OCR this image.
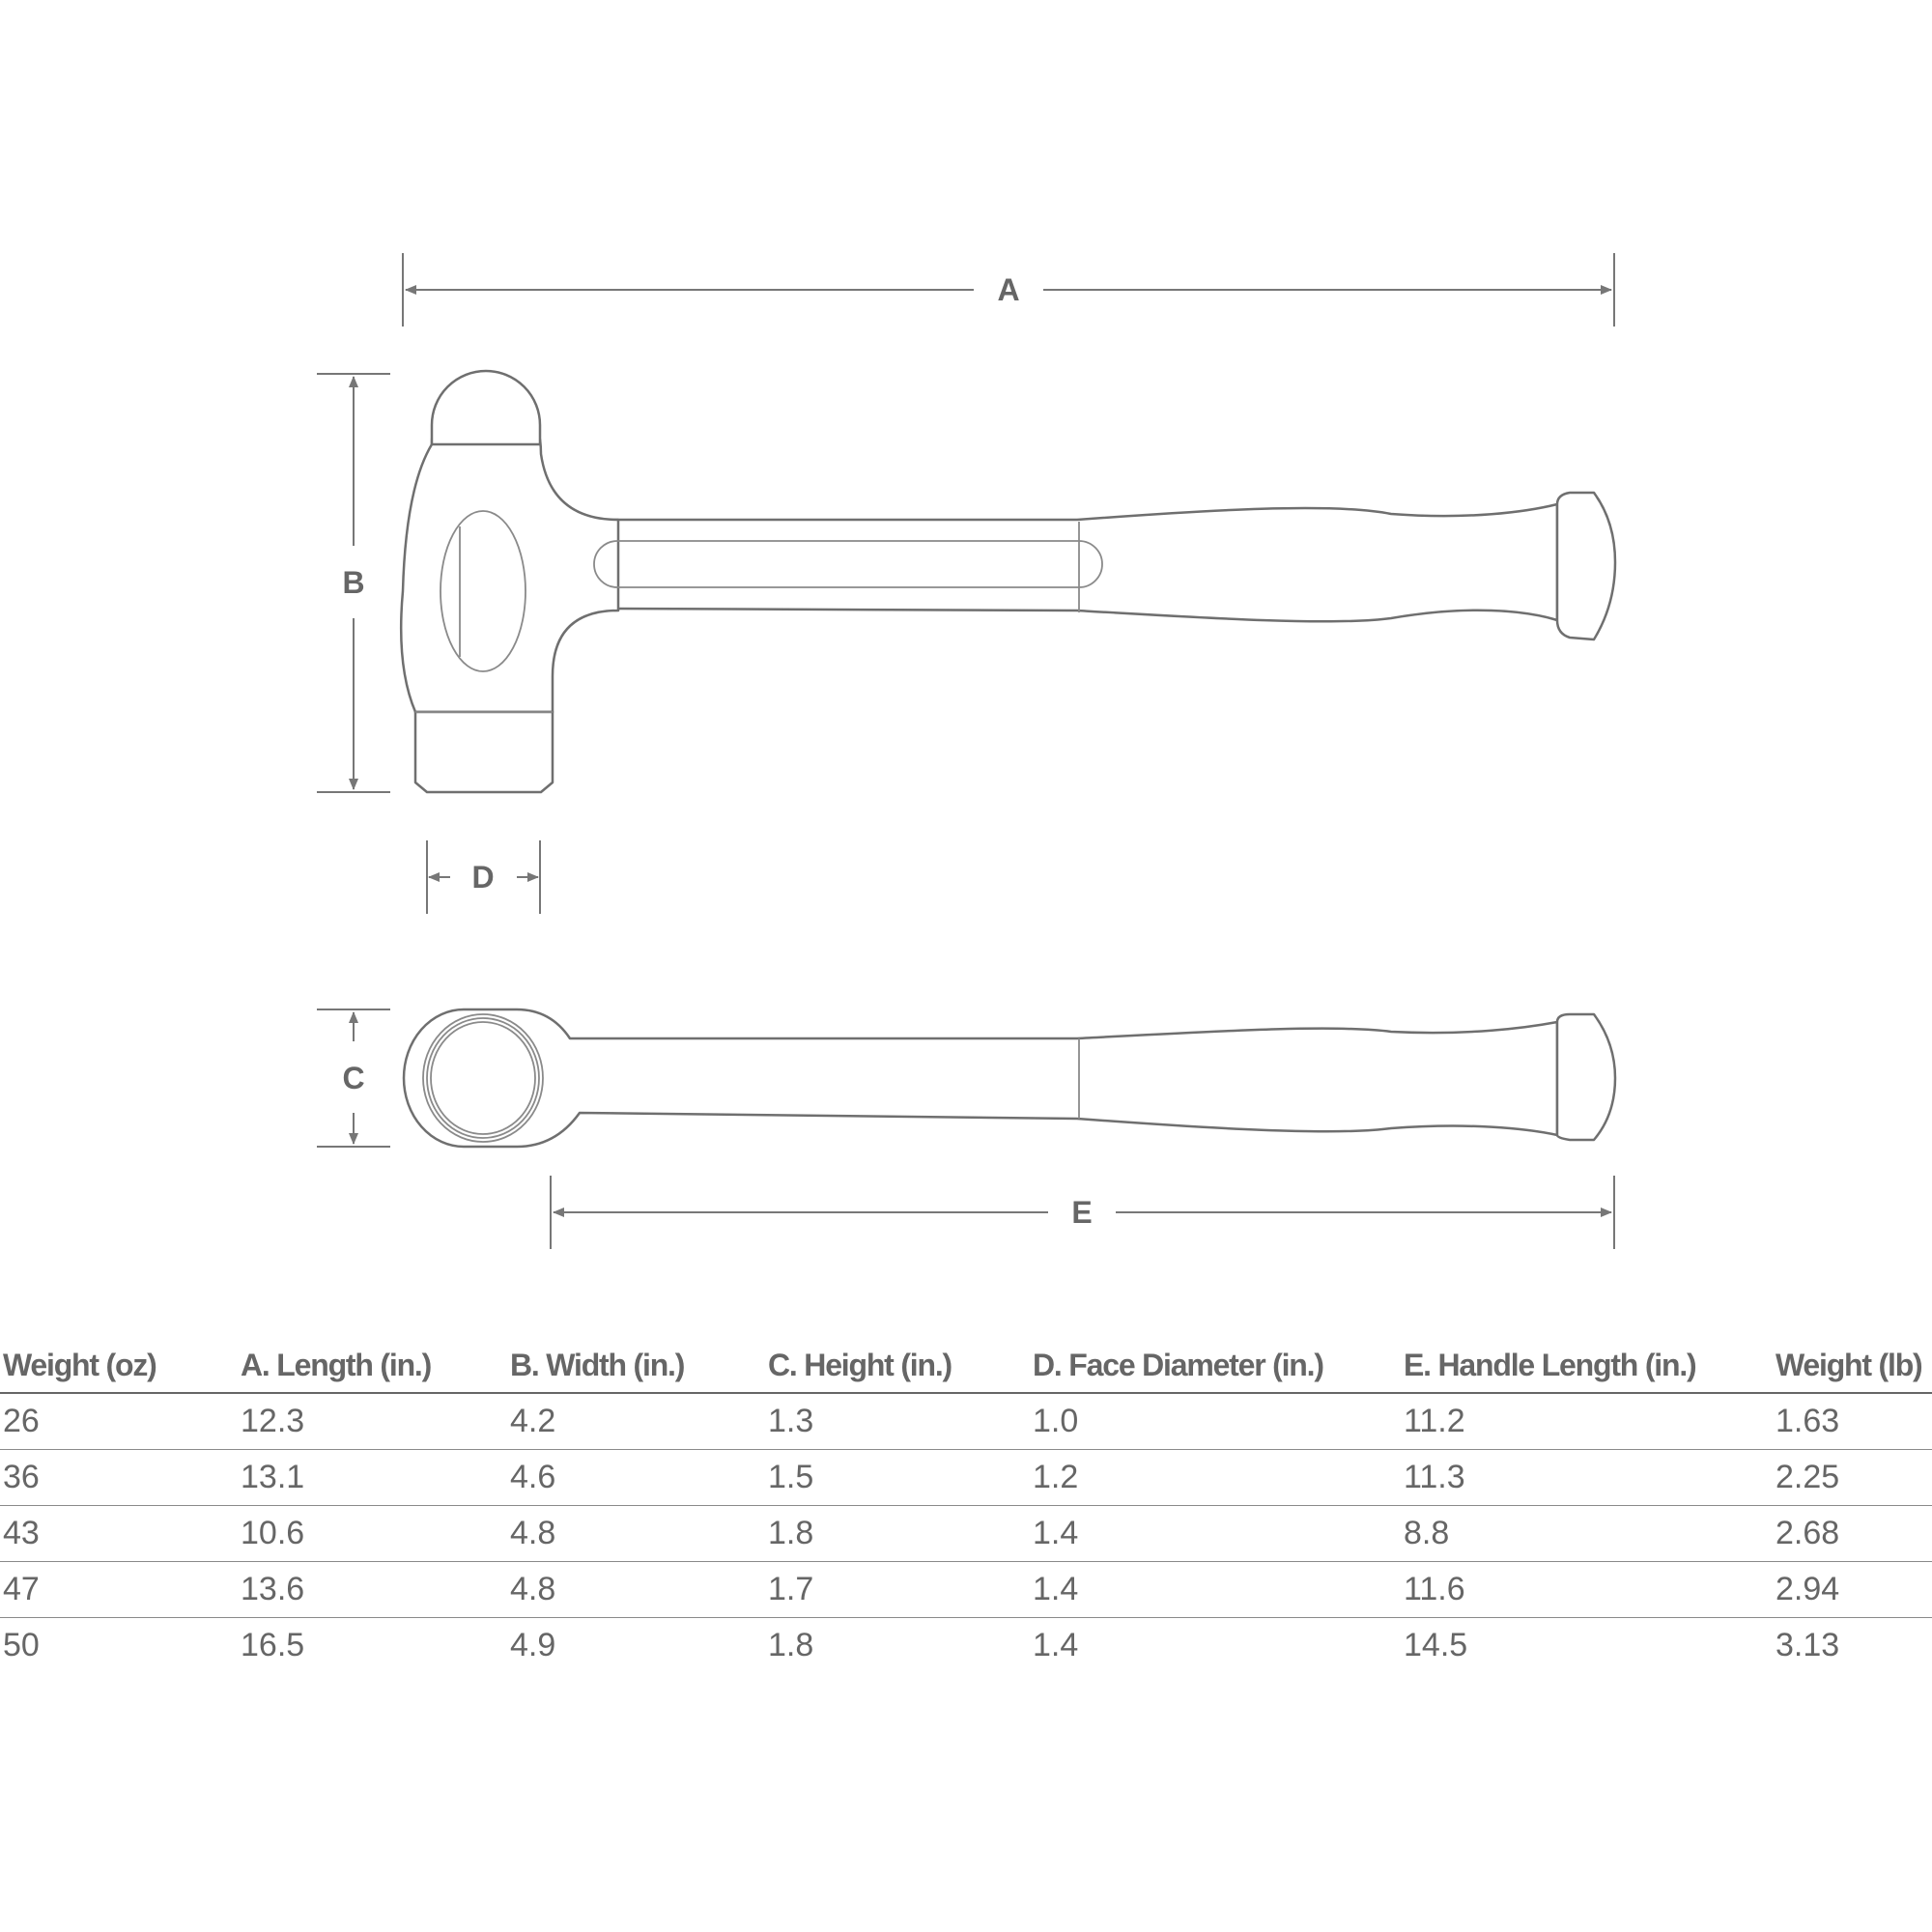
A
B
D
C
E
Weight (oz)	A. Length (in.)	B. Width (in.)	C. Height (in.)	D. Face Diameter (in.)	E. Handle Length (in.)	Weight (lb)
26	12.3	4.2	1.3	1.0	11.2	1.63
36	13.1	4.6	1.5	1.2	11.3	2.25
43	10.6	4.8	1.8	1.4	8.8	2.68
47	13.6	4.8	1.7	1.4	11.6	2.94
50	16.5	4.9	1.8	1.4	14.5	3.13
